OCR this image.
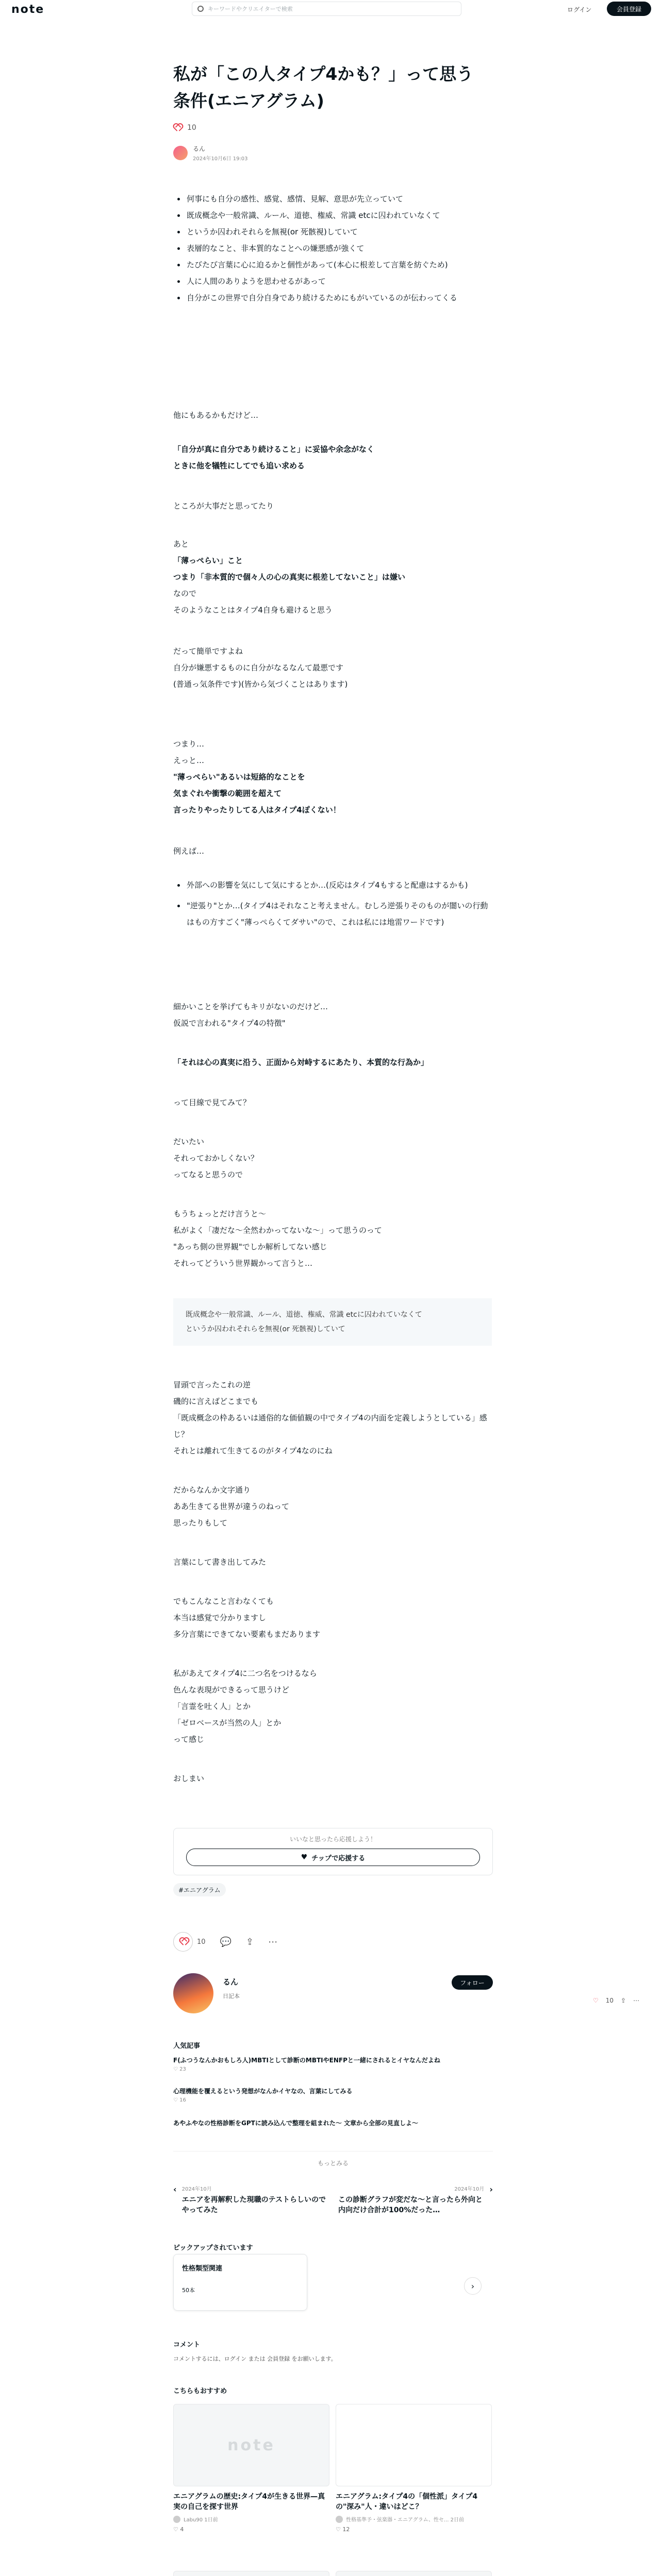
note	キーワードやクリエイターで検索	ログイン	会員登録
私が「この人タイプ4かも？」って思う条件(エニアグラム)
10
るん
2024年10月6日 19:03
何事にも自分の感性、感覚、感情、見解、意思が先立っていて
既成概念や一般常識、ルール、道徳、権威、常識 etcに囚われていなくて
というか囚われそれらを無視(or 死骸視)していて
表層的なこと、非本質的なことへの嫌悪感が強くて
たびたび言葉に心に迫るかと個性があって(本心に根差して言葉を紡ぐため)
人に人間のありようを思わせるがあって
自分がこの世界で自分自身であり続けるためにもがいているのが伝わってくる
他にもあるかもだけど…
「自分が真に自分であり続けること」に妥協や余念がなく
ときに他を犠牲にしてでも追い求める
ところが大事だと思ってたり
あと
「薄っぺらい」こと
つまり「非本質的で個々人の心の真実に根差してないこと」は嫌い
なので
そのようなことはタイプ4自身も避けると思う
だって簡単ですよね
自分が嫌悪するものに自分がなるなんて最悪です
(普通っ気条件です)(皆から気づくことはあります)
つまり…
えっと…
"薄っぺらい"あるいは短絡的なことを
気まぐれや衝撃の範囲を超えて
言ったりやったりしてる人はタイプ4ぽくない！
例えば…
外部への影響を気にして気にするとか…(反応はタイプ4もすると配慮はするかも)
"逆張り"とか…(タイプ4はそれなこと考えません。むしろ逆張りそのものが闇いの行動はもの方すごく"薄っぺらくてダサい"ので、これは私には地雷ワードです)
細かいことを挙げてもキリがないのだけど…
仮説で言われる"タイプ4の特徴"
「それは心の真実に沿う、正面から対峙するにあたり、本質的な行為か」
って目線で見てみて？
だいたい
それっておかしくない？
ってなると思うので
もうちょっとだけ言うと〜
私がよく「凄だな〜全然わかってないな〜」って思うのって
"あっち側の世界観"でしか解析してない感じ
それってどういう世界観かって言うと…
既成概念や一般常識、ルール、道徳、権威、常識 etcに囚われていなくて
というか囚われそれらを無視(or 死骸視)していて
冒頭で言ったこれの逆
磯的に言えばどこまでも
「既成概念の枠あるいは通俗的な価値観の中でタイプ4の内面を定義しようとしている」感じ？
それとは離れて生きてるのがタイプ4なのにね
だからなんか文字通り
ああ生きてる世界が違うのねって
思ったりもして
言葉にして書き出してみた
でもこんなこと言わなくても
本当は感覚で分かりますし
多分言葉にできてない要素もまだあります
私があえてタイプ4に二つ名をつけるなら
色んな表現ができるって思うけど
「言霊を吐く人」とか
「ゼロベースが当然の人」とか
って感じ
おしまい
いいなと思ったら応援しよう！
♥ チップで応援する
#エニアグラム
10 💬 ⇪ ⋯
♡ 10 ⇪ ⋯
るん
日記本
フォロー
人気記事
F(ふつうなんかおもしろ人)MBTIとして診断のMBTIやENFPと一緒にされるとイヤなんだよね
♡ 23
心理機能を覆えるという発想がなんかイヤなの、言葉にしてみる
♡ 16
あやふやなの性格診断をGPTに読み込んで整理を組まれた〜 文章から全部の見直しよ〜
もっとみる
‹ 2024年10月
エニアを再解釈した現職のテストらしいのでやってみた
2024年10月
この診断グラフが変だな〜と言ったら外向と内向だけ合計が100%だった…
›
ピックアップされています
性格類型関連
50本	›
コメント
コメントするには、ログイン または 会員登録 をお願いします。
こちらもおすすめ
note
エニアグラムの歴史:タイプ4が生きる世界—真実の自己を探す世界
Labu90 1日前
♡ 4
エニアグラム:タイプ4の「個性派」タイプ4の"深み"人・違いはどこ？
性格基準予・弦楽器・エニアグラム、性セ... 2日前
♡ 12
